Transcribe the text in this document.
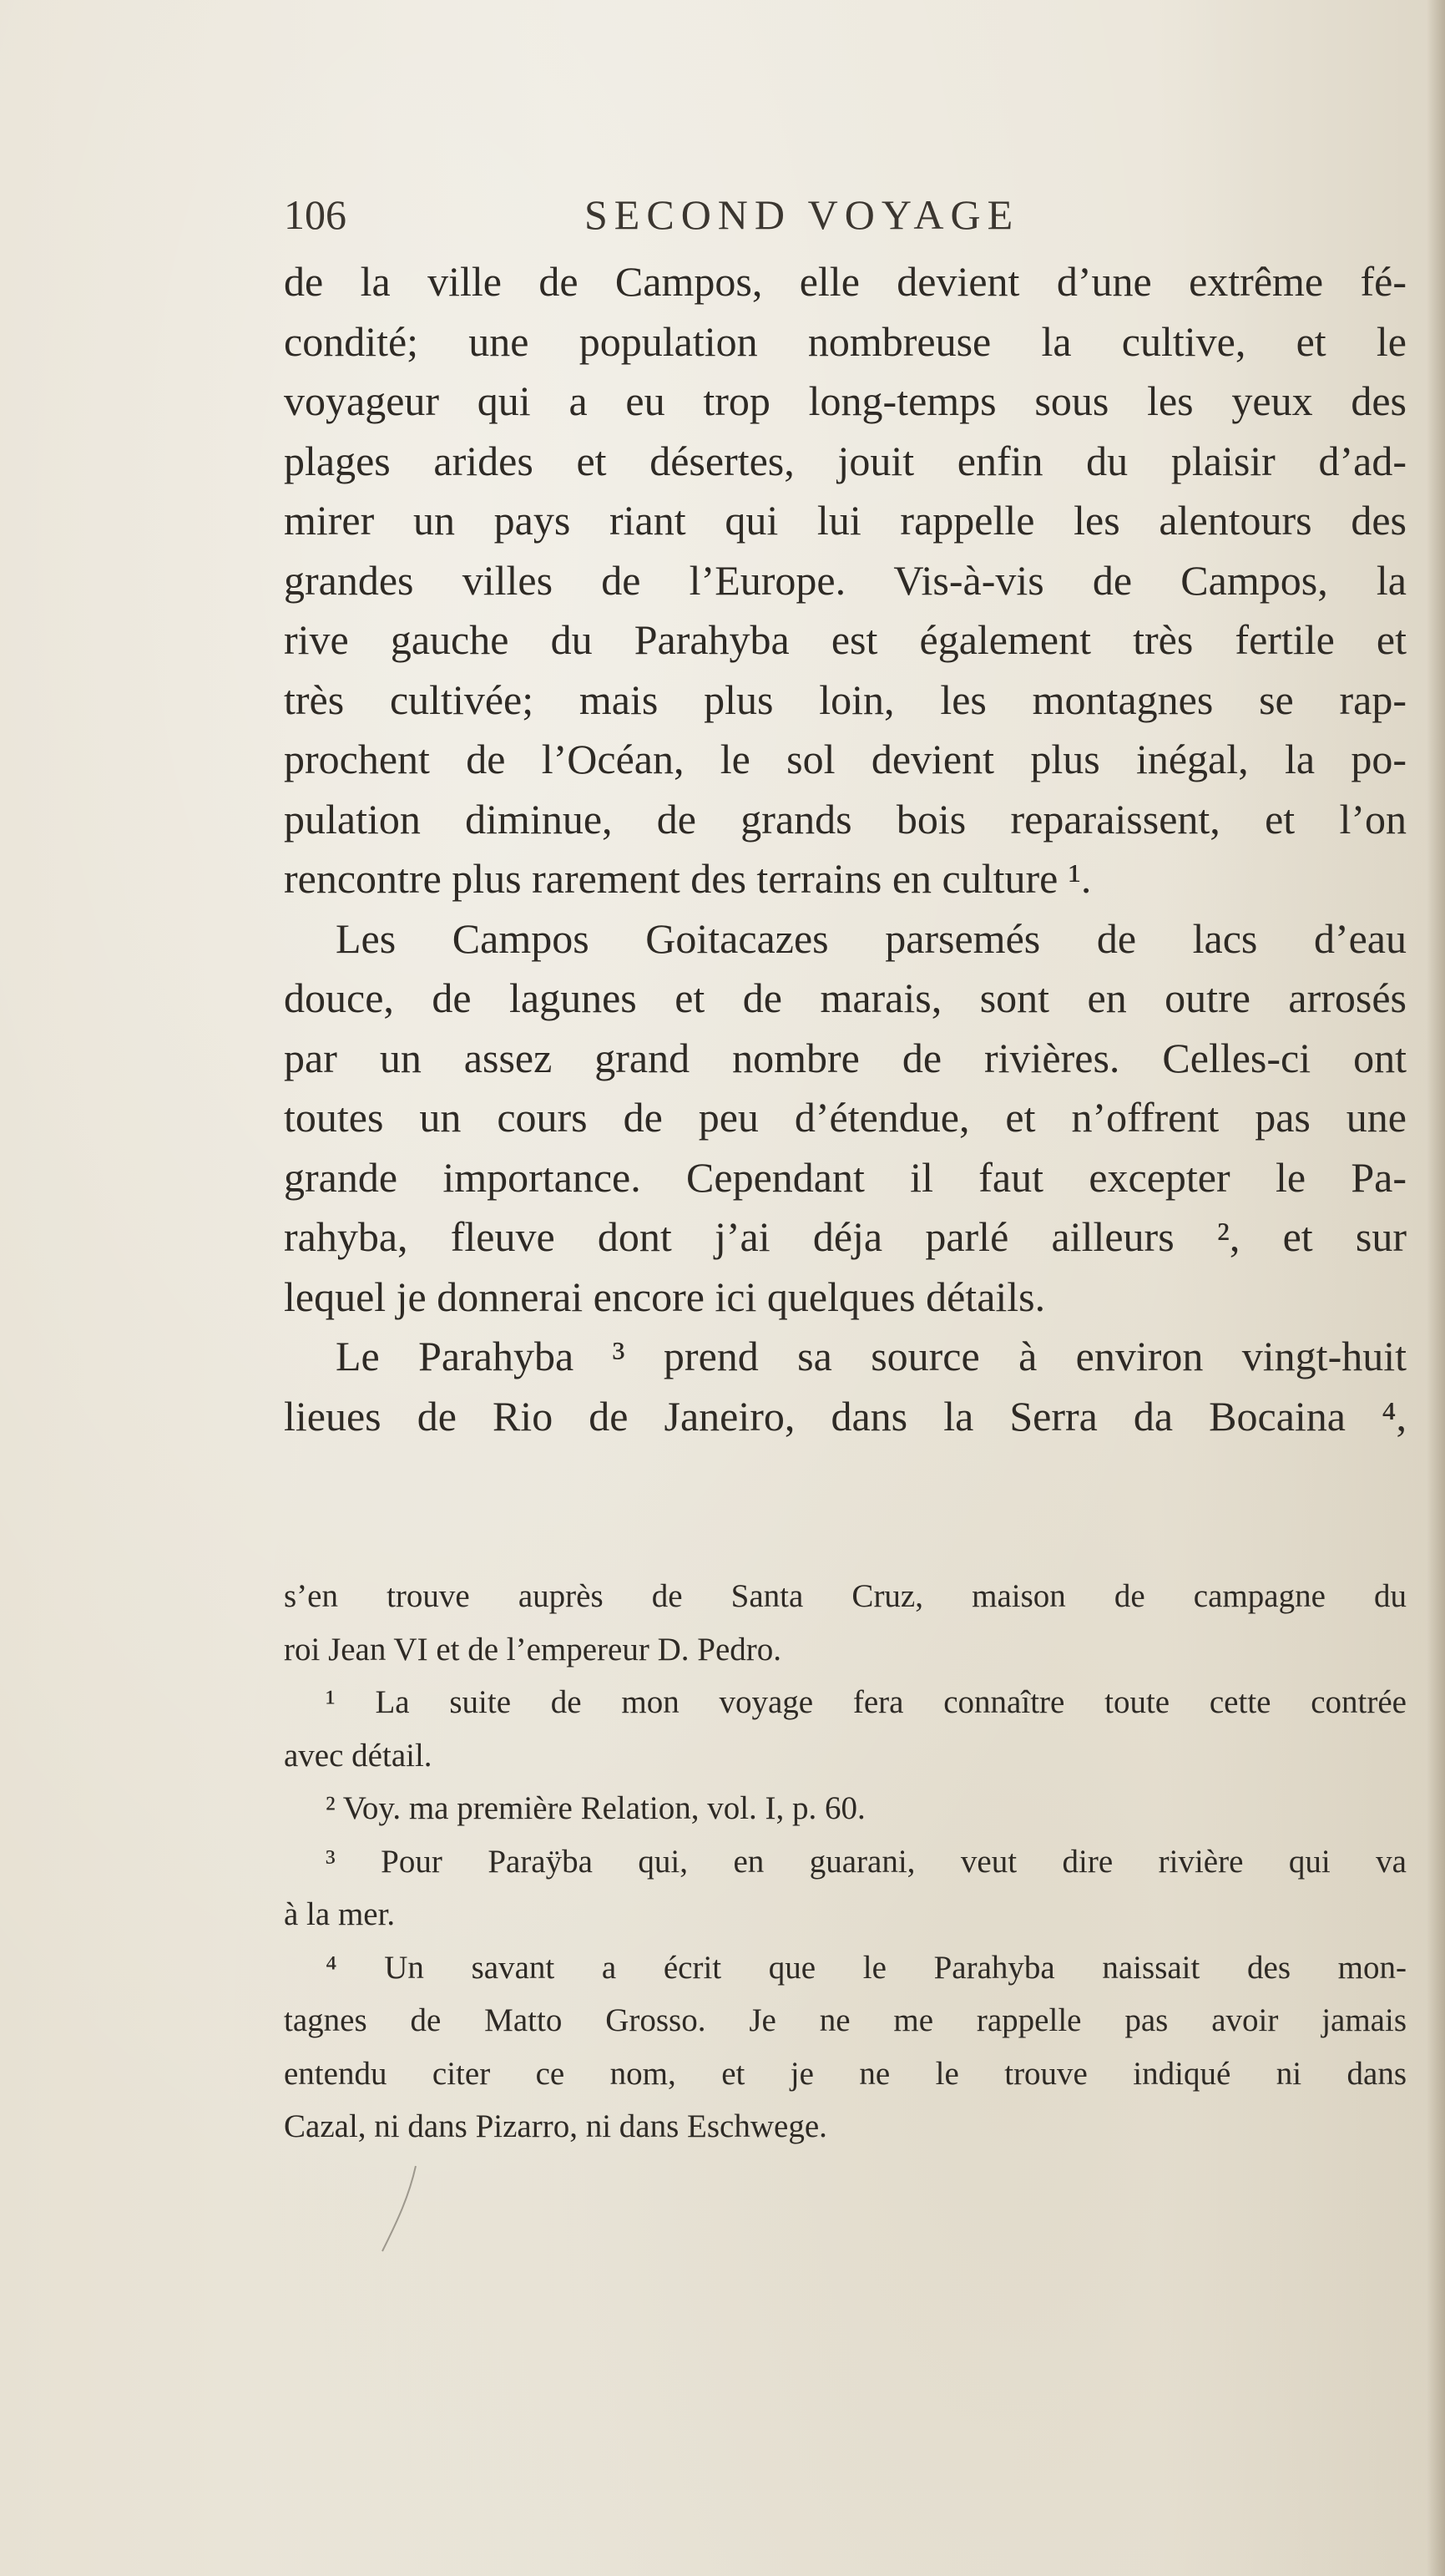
106	SECOND VOYAGE
de la ville de Campos, elle devient d’une extrême fé-
condité; une population nombreuse la cultive, et le
voyageur qui a eu trop long-temps sous les yeux des
plages arides et désertes, jouit enfin du plaisir d’ad-
mirer un pays riant qui lui rappelle les alentours des
grandes villes de l’Europe. Vis-à-vis de Campos, la
rive gauche du Parahyba est également très fertile et
très cultivée; mais plus loin, les montagnes se rap-
prochent de l’Océan, le sol devient plus inégal, la po-
pulation diminue, de grands bois reparaissent, et l’on
rencontre plus rarement des terrains en culture ¹.
Les Campos Goitacazes parsemés de lacs d’eau
douce, de lagunes et de marais, sont en outre arrosés
par un assez grand nombre de rivières. Celles-ci ont
toutes un cours de peu d’étendue, et n’offrent pas une
grande importance. Cependant il faut excepter le Pa-
rahyba, fleuve dont j’ai déja parlé ailleurs ², et sur
lequel je donnerai encore ici quelques détails.
Le Parahyba ³ prend sa source à environ vingt-huit
lieues de Rio de Janeiro, dans la Serra da Bocaina ⁴,
s’en trouve auprès de Santa Cruz, maison de campagne du
roi Jean VI et de l’empereur D. Pedro.
¹ La suite de mon voyage fera connaître toute cette contrée
avec détail.
² Voy. ma première Relation, vol. I, p. 60.
³ Pour Paraÿba qui, en guarani, veut dire rivière qui va
à la mer.
⁴ Un savant a écrit que le Parahyba naissait des mon-
tagnes de Matto Grosso. Je ne me rappelle pas avoir jamais
entendu citer ce nom, et je ne le trouve indiqué ni dans
Cazal, ni dans Pizarro, ni dans Eschwege.
